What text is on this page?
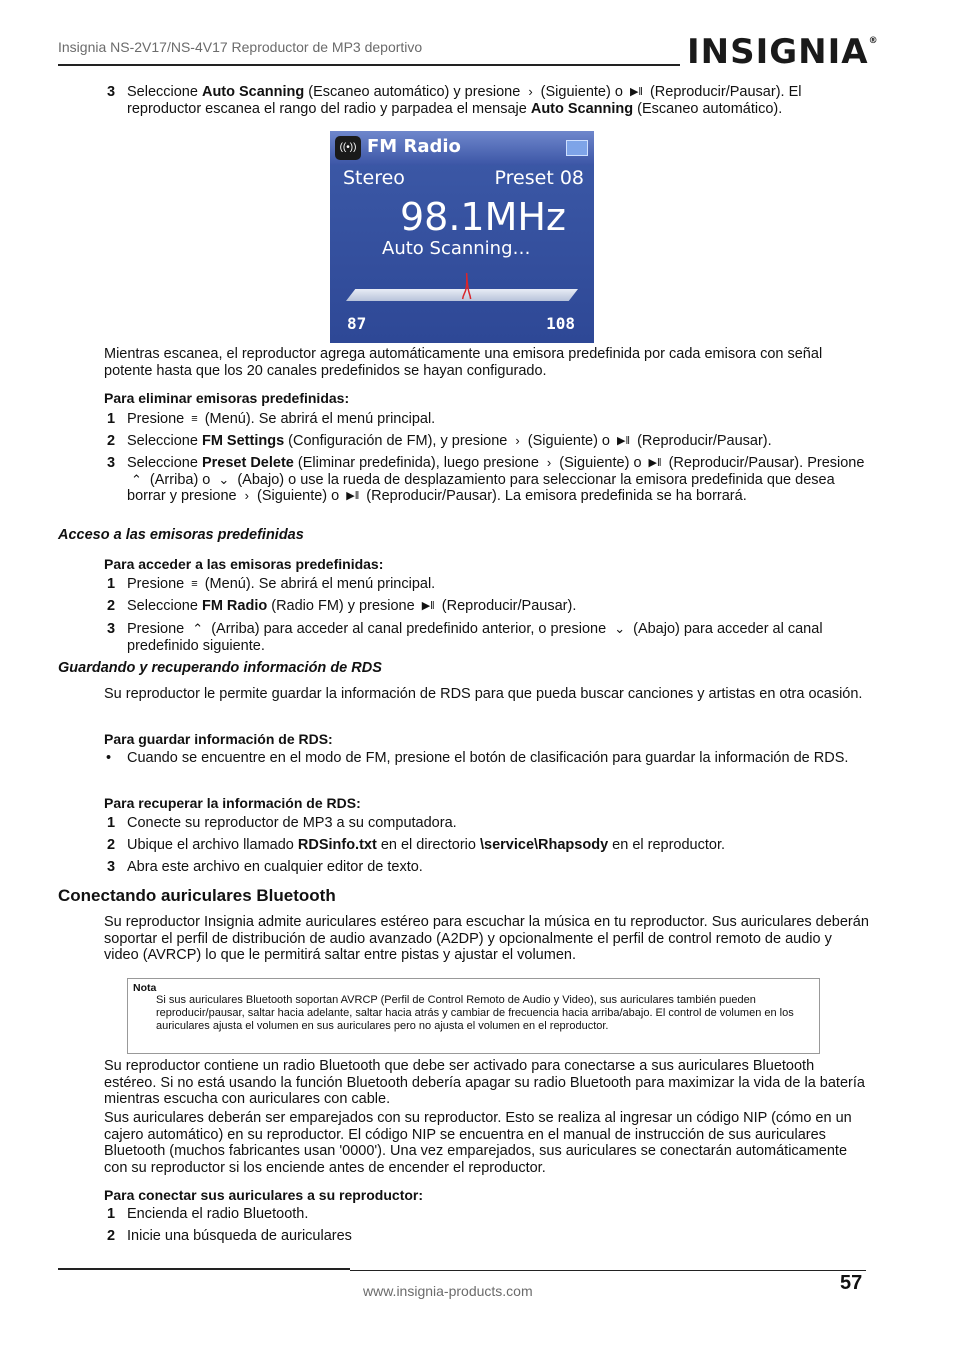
Insignia NS-2V17/NS-4V17 Reproductor de MP3 deportivo	INSIGNIA®
3 Seleccione Auto Scanning (Escaneo automático) y presione › (Siguiente) o ▶ǁ (Reproducir/Pausar). El reproductor escanea el rango del radio y parpadea el mensaje Auto Scanning (Escaneo automático).
((•)) FM Radio
Stereo	Preset 08
98.1MHz
Auto Scanning…
87	108

Mientras escanea, el reproductor agrega automáticamente una emisora predefinida por cada emisora con señal potente hasta que los 20 canales predefinidos se hayan configurado.

Para eliminar emisoras predefinidas:
1 Presione ≡ (Menú). Se abrirá el menú principal.
2 Seleccione FM Settings (Configuración de FM), y presione › (Siguiente) o ▶ǁ (Reproducir/Pausar).
3 Seleccione Preset Delete (Eliminar predefinida), luego presione › (Siguiente) o ▶ǁ (Reproducir/Pausar). Presione ⌃ (Arriba) o ⌄ (Abajo) o use la rueda de desplazamiento para seleccionar la emisora predefinida que desea borrar y presione › (Siguiente) o ▶ǁ (Reproducir/Pausar). La emisora predefinida se ha borrará.
Acceso a las emisoras predefinidas
Para acceder a las emisoras predefinidas:
1 Presione ≡ (Menú). Se abrirá el menú principal.
2 Seleccione FM Radio (Radio FM) y presione ▶ǁ (Reproducir/Pausar).
3 Presione ⌃ (Arriba) para acceder al canal predefinido anterior, o presione ⌄ (Abajo) para acceder al canal predefinido siguiente.
Guardando y recuperando información de RDS

Su reproductor le permite guardar la información de RDS para que pueda buscar canciones y artistas en otra ocasión.

Para guardar información de RDS:
• Cuando se encuentre en el modo de FM, presione el botón de clasificación para guardar la información de RDS.
Para recuperar la información de RDS:
1 Conecte su reproductor de MP3 a su computadora.
2 Ubique el archivo llamado RDSinfo.txt en el directorio \service\Rhapsody en el reproductor.
3 Abra este archivo en cualquier editor de texto.
Conectando auriculares Bluetooth

Su reproductor Insignia admite auriculares estéreo para escuchar la música en tu reproductor. Sus auriculares deberán soportar el perfil de distribución de audio avanzado (A2DP) y opcionalmente el perfil de control remoto de audio y video (AVRCP) lo que le permitirá saltar entre pistas y ajustar el volumen.

Nota
Si sus auriculares Bluetooth soportan AVRCP (Perfil de Control Remoto de Audio y Video), sus auriculares también pueden reproducir/pausar, saltar hacia adelante, saltar hacia atrás y cambiar de frecuencia hacia arriba/abajo. El control de volumen en los auriculares ajusta el volumen en sus auriculares pero no ajusta el volumen en el reproductor.

Su reproductor contiene un radio Bluetooth que debe ser activado para conectarse a sus auriculares Bluetooth estéreo. Si no está usando la función Bluetooth debería apagar su radio Bluetooth para maximizar la vida de la batería mientras escucha con auriculares con cable.

Sus auriculares deberán ser emparejados con su reproductor. Esto se realiza al ingresar un código NIP (cómo en un cajero automático) en su reproductor. El código NIP se encuentra en el manual de instrucción de sus auriculares Bluetooth (muchos fabricantes usan '0000'). Una vez emparejados, sus auriculares se conectarán automáticamente con su reproductor si los enciende antes de encender el reproductor.

Para conectar sus auriculares a su reproductor:
1 Encienda el radio Bluetooth.
2 Inicie una búsqueda de auriculares
www.insignia-products.com	57
